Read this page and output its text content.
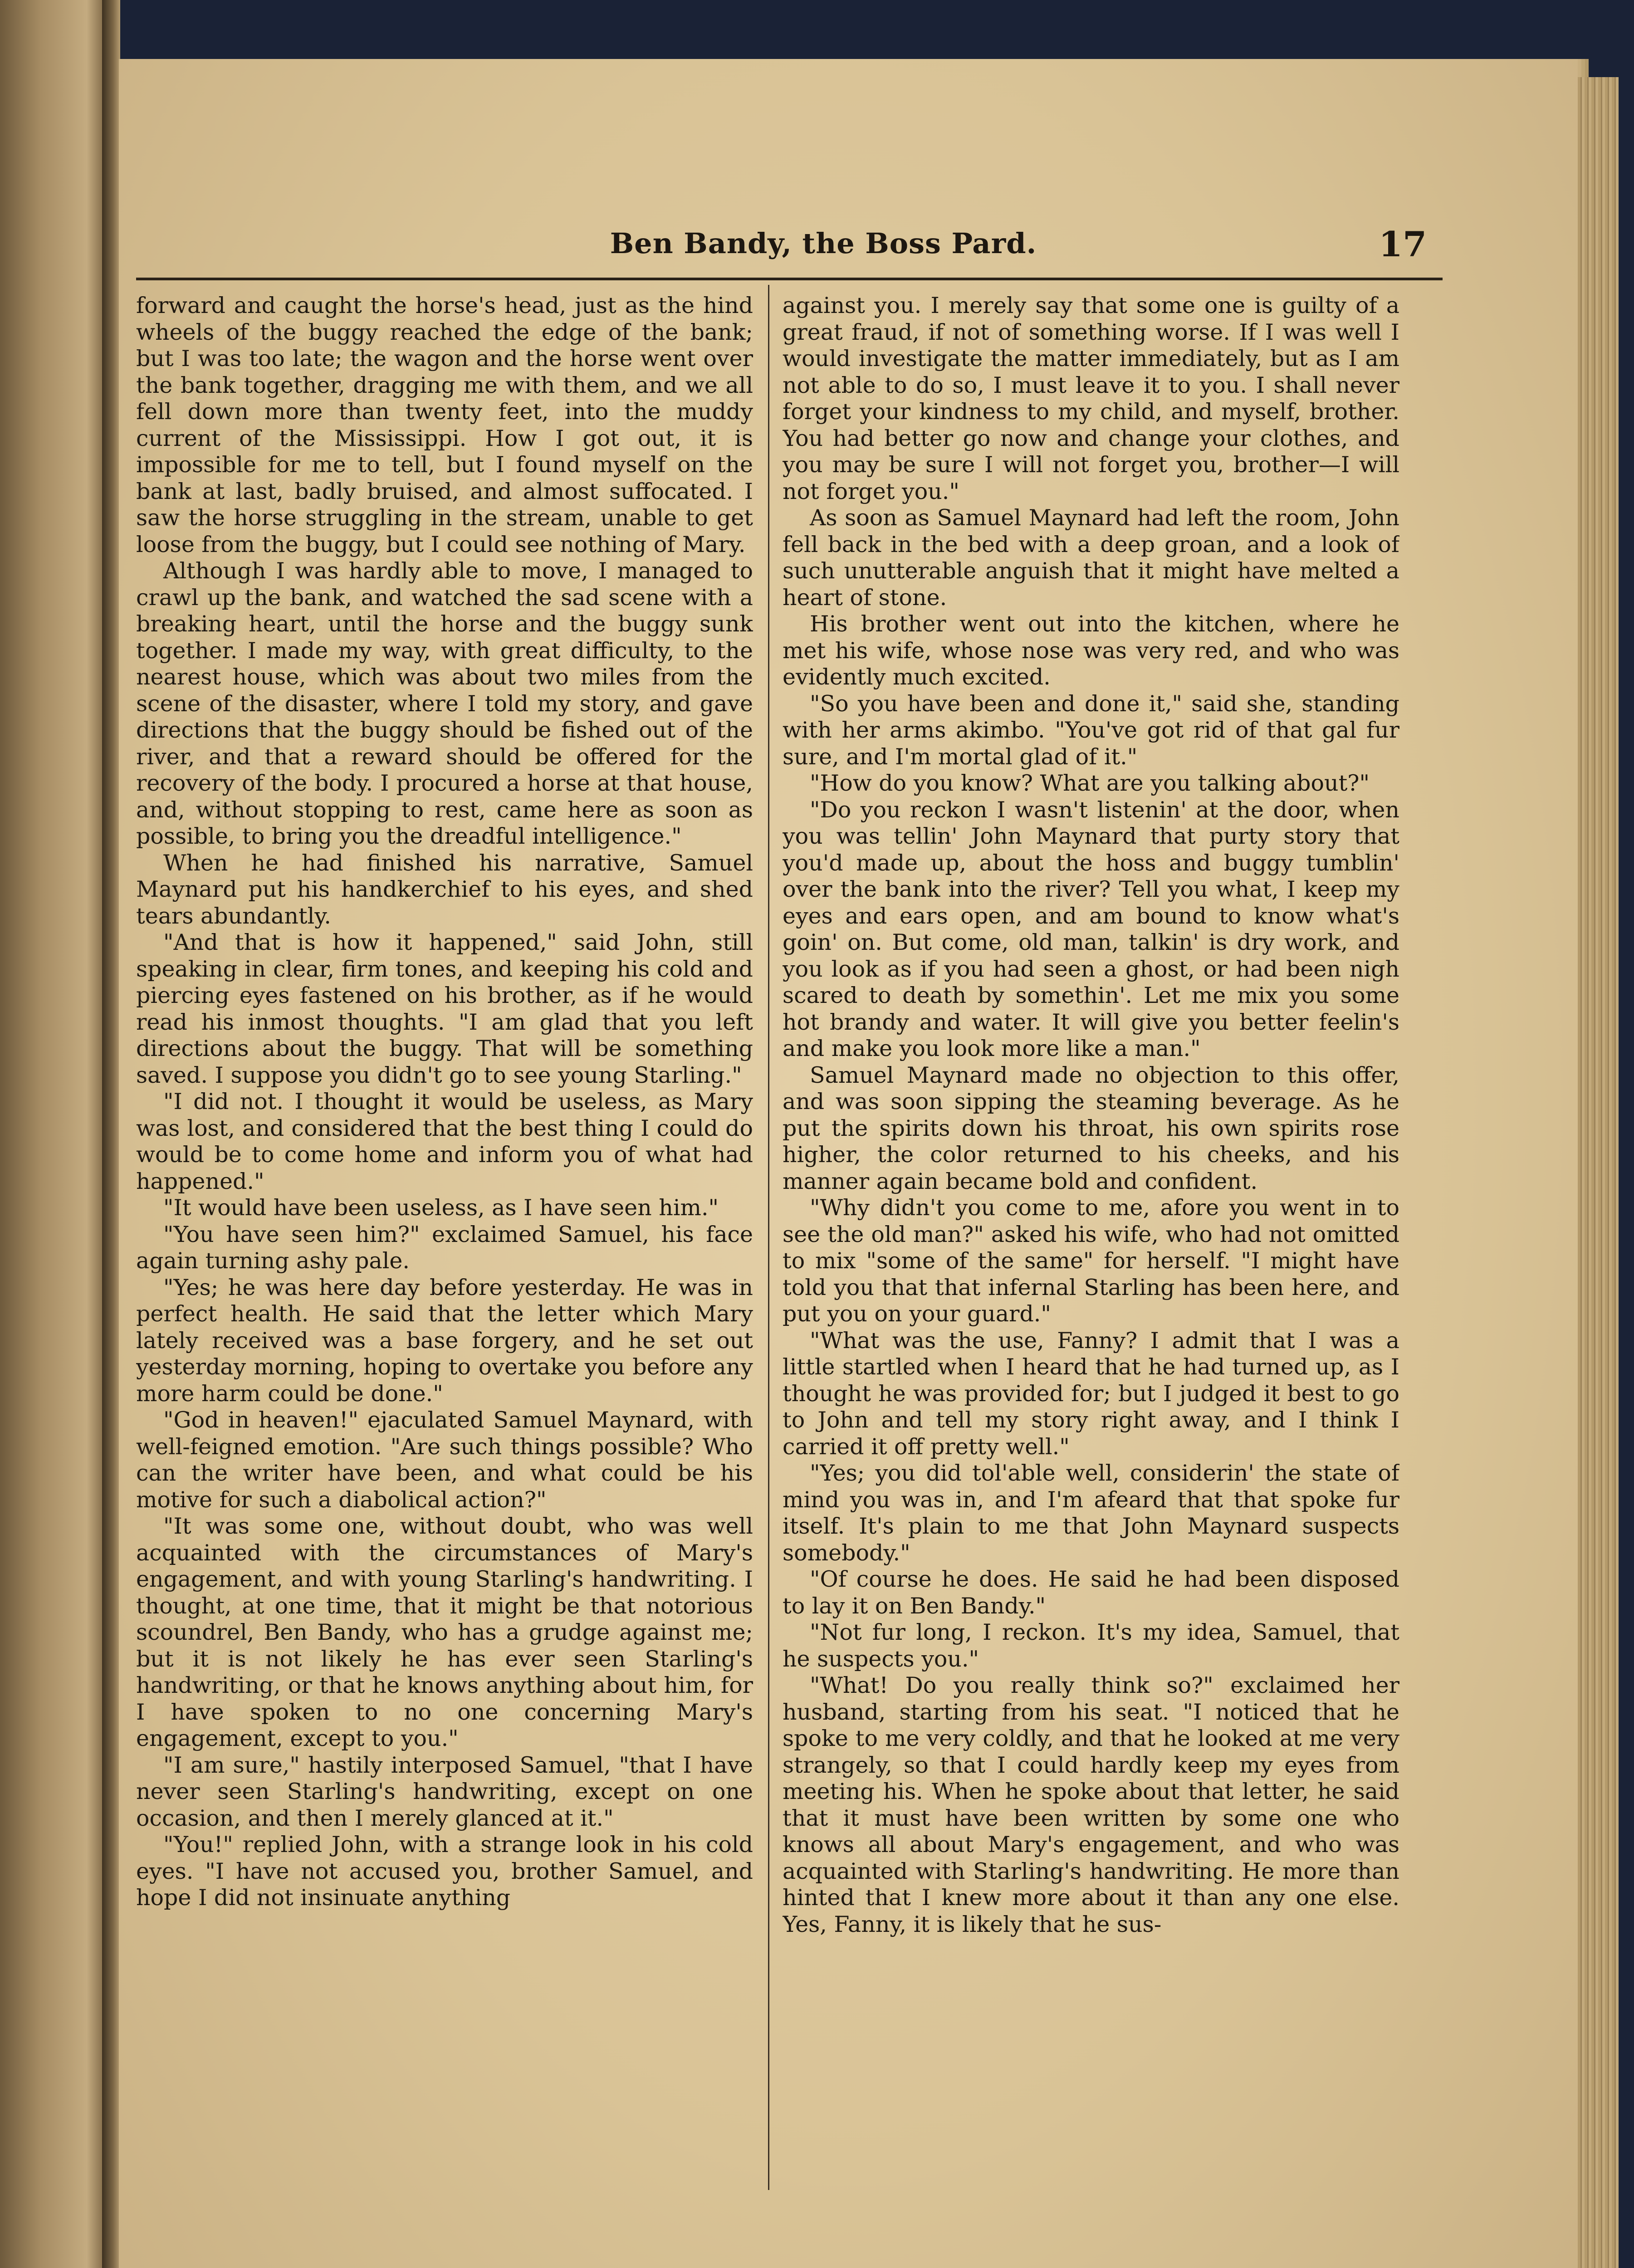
Ben Bandy, the Boss Pard.	17

forward and caught the horse's head, just as the hind wheels of the buggy reached the edge of the bank; but I was too late; the wagon and the horse went over the bank together, dragging me with them, and we all fell down more than twenty feet, into the muddy current of the Mississippi. How I got out, it is impossible for me to tell, but I found myself on the bank at last, badly bruised, and almost suffocated. I saw the horse struggling in the stream, unable to get loose from the buggy, but I could see nothing of Mary.

Although I was hardly able to move, I managed to crawl up the bank, and watched the sad scene with a breaking heart, until the horse and the buggy sunk together. I made my way, with great difficulty, to the nearest house, which was about two miles from the scene of the disaster, where I told my story, and gave directions that the buggy should be fished out of the river, and that a reward should be offered for the recovery of the body. I procured a horse at that house, and, without stopping to rest, came here as soon as possible, to bring you the dreadful intelligence."

When he had finished his narrative, Samuel Maynard put his handkerchief to his eyes, and shed tears abundantly.

"And that is how it happened," said John, still speaking in clear, firm tones, and keeping his cold and piercing eyes fastened on his brother, as if he would read his inmost thoughts. "I am glad that you left directions about the buggy. That will be something saved. I suppose you didn't go to see young Starling."

"I did not. I thought it would be useless, as Mary was lost, and considered that the best thing I could do would be to come home and inform you of what had happened."

"It would have been useless, as I have seen him."

"You have seen him?" exclaimed Samuel, his face again turning ashy pale.

"Yes; he was here day before yesterday. He was in perfect health. He said that the letter which Mary lately received was a base forgery, and he set out yesterday morning, hoping to overtake you before any more harm could be done."

"God in heaven!" ejaculated Samuel Maynard, with well-feigned emotion. "Are such things possible? Who can the writer have been, and what could be his motive for such a diabolical action?"

"It was some one, without doubt, who was well acquainted with the circumstances of Mary's engagement, and with young Starling's handwriting. I thought, at one time, that it might be that notorious scoundrel, Ben Bandy, who has a grudge against me; but it is not likely he has ever seen Starling's handwriting, or that he knows anything about him, for I have spoken to no one concerning Mary's engagement, except to you."

"I am sure," hastily interposed Samuel, "that I have never seen Starling's handwriting, except on one occasion, and then I merely glanced at it."

"You!" replied John, with a strange look in his cold eyes. "I have not accused you, brother Samuel, and hope I did not insinuate anything

against you. I merely say that some one is guilty of a great fraud, if not of something worse. If I was well I would investigate the matter immediately, but as I am not able to do so, I must leave it to you. I shall never forget your kindness to my child, and myself, brother. You had better go now and change your clothes, and you may be sure I will not forget you, brother—I will not forget you."

As soon as Samuel Maynard had left the room, John fell back in the bed with a deep groan, and a look of such unutterable anguish that it might have melted a heart of stone.

His brother went out into the kitchen, where he met his wife, whose nose was very red, and who was evidently much excited.

"So you have been and done it," said she, standing with her arms akimbo. "You've got rid of that gal fur sure, and I'm mortal glad of it."

"How do you know? What are you talking about?"

"Do you reckon I wasn't listenin' at the door, when you was tellin' John Maynard that purty story that you'd made up, about the hoss and buggy tumblin' over the bank into the river? Tell you what, I keep my eyes and ears open, and am bound to know what's goin' on. But come, old man, talkin' is dry work, and you look as if you had seen a ghost, or had been nigh scared to death by somethin'. Let me mix you some hot brandy and water. It will give you better feelin's and make you look more like a man."

Samuel Maynard made no objection to this offer, and was soon sipping the steaming beverage. As he put the spirits down his throat, his own spirits rose higher, the color returned to his cheeks, and his manner again became bold and confident.

"Why didn't you come to me, afore you went in to see the old man?" asked his wife, who had not omitted to mix "some of the same" for herself. "I might have told you that that infernal Starling has been here, and put you on your guard."

"What was the use, Fanny? I admit that I was a little startled when I heard that he had turned up, as I thought he was provided for; but I judged it best to go to John and tell my story right away, and I think I carried it off pretty well."

"Yes; you did tol'able well, considerin' the state of mind you was in, and I'm afeard that that spoke fur itself. It's plain to me that John Maynard suspects somebody."

"Of course he does. He said he had been disposed to lay it on Ben Bandy."

"Not fur long, I reckon. It's my idea, Samuel, that he suspects you."

"What! Do you really think so?" exclaimed her husband, starting from his seat. "I noticed that he spoke to me very coldly, and that he looked at me very strangely, so that I could hardly keep my eyes from meeting his. When he spoke about that letter, he said that it must have been written by some one who knows all about Mary's engagement, and who was acquainted with Starling's handwriting. He more than hinted that I knew more about it than any one else. Yes, Fanny, it is likely that he sus-
